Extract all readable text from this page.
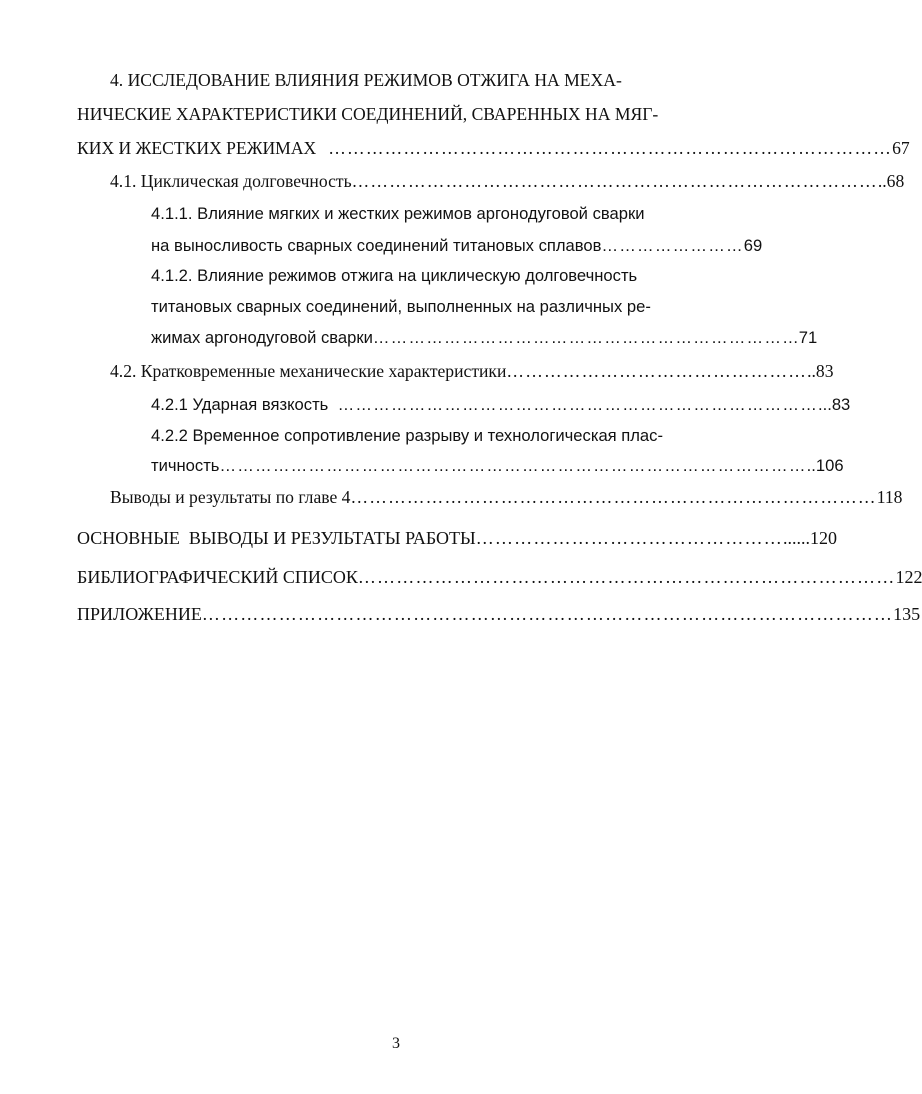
4. ИССЛЕДОВАНИЕ ВЛИЯНИЯ РЕЖИМОВ ОТЖИГА НА МЕХА-
НИЧЕСКИЕ ХАРАКТЕРИСТИКИ СОЕДИНЕНИЙ, СВАРЕННЫХ НА МЯГ-
КИХ И ЖЕСТКИХ РЕЖИМАХ ……………………………………………………………………………… 67
4.1. Циклическая долговечность ………………………………………………………………………… ..68
4.1.1. Влияние мягких и жестких режимов аргонодуговой сварки
на выносливость сварных соединений титановых сплавов …………………… 69
4.1.2. Влияние режимов отжига на циклическую долговечность
титановых сварных соединений, выполненных на различных ре-
жимах аргонодуговой сварки …………………………………………………………… …71
4.2. Кратковременные механические характеристики ………………………………………… ..83
4.2.1 Ударная вязкость ……………………………………………………………………… ...83
4.2.2 Временное сопротивление разрыву и технологическая плас-
тичность ……………………………………………………………………………………… ..106
Выводы и результаты по главе 4 ………………………………………………………………………… 118
ОСНОВНЫЕ  ВЫВОДЫ И РЕЗУЛЬТАТЫ РАБОТЫ ………………………………………… ......120
БИБЛИОГРАФИЧЕСКИЙ СПИСОК ………………………………………………………………………… 122
ПРИЛОЖЕНИЕ ……………………………………………………………………………………………… 135
3
